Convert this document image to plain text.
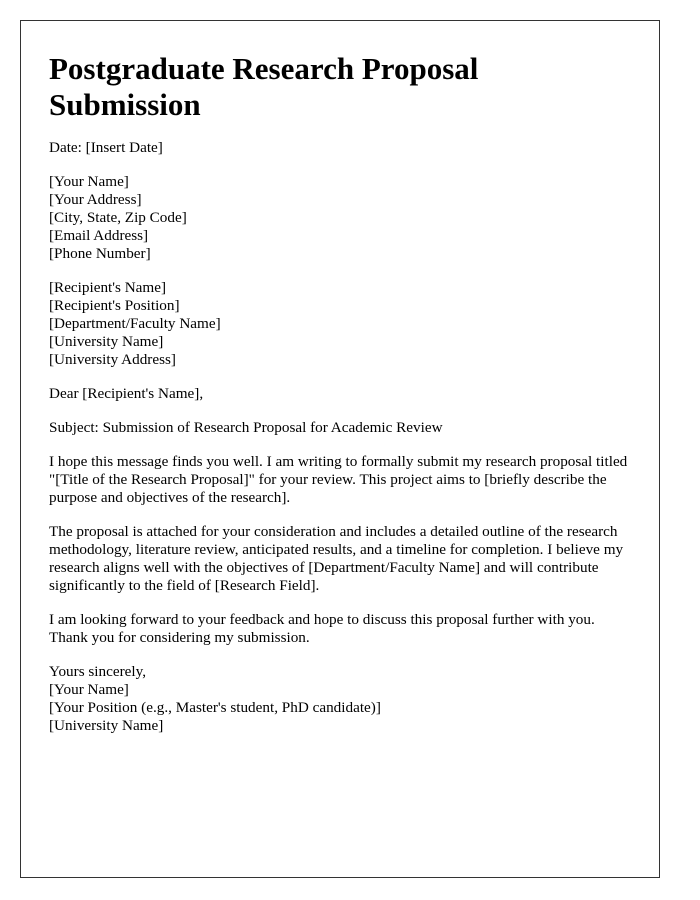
Postgraduate Research Proposal Submission

Date: [Insert Date]

[Your Name]
[Your Address]
[City, State, Zip Code]
[Email Address]
[Phone Number]

[Recipient's Name]
[Recipient's Position]
[Department/Faculty Name]
[University Name]
[University Address]

Dear [Recipient's Name],

Subject: Submission of Research Proposal for Academic Review

I hope this message finds you well. I am writing to formally submit my research proposal titled "[Title of the Research Proposal]" for your review. This project aims to [briefly describe the purpose and objectives of the research].

The proposal is attached for your consideration and includes a detailed outline of the research methodology, literature review, anticipated results, and a timeline for completion. I believe my research aligns well with the objectives of [Department/Faculty Name] and will contribute significantly to the field of [Research Field].

I am looking forward to your feedback and hope to discuss this proposal further with you. Thank you for considering my submission.

Yours sincerely,
[Your Name]
[Your Position (e.g., Master's student, PhD candidate)]
[University Name]
